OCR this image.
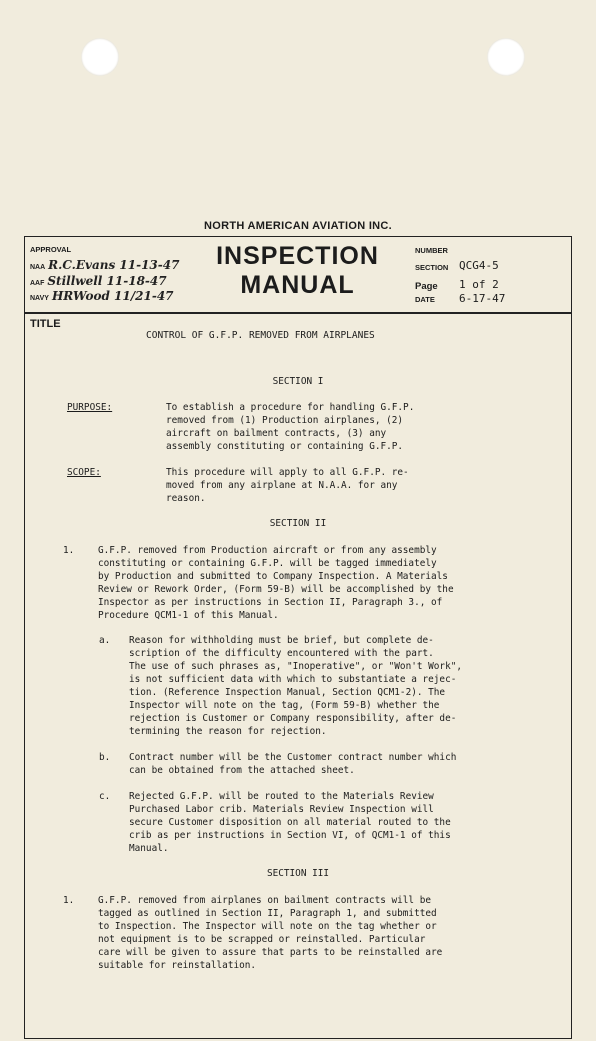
NORTH AMERICAN AVIATION INC.
APPROVAL
NAA R.C.Evans 11-13-47
AAF Stillwell 11-18-47
NAVY HRWood 11/21-47
INSPECTION
MANUAL
NUMBER
SECTION QCG4-5
Page 1 of 2
DATE 6-17-47
TITLE
CONTROL OF G.F.P. REMOVED FROM AIRPLANES
SECTION I
PURPOSE:	To establish a procedure for handling G.F.P.
removed from (1) Production airplanes, (2)
aircraft on bailment contracts, (3) any
assembly constituting or containing G.F.P.
SCOPE:	This procedure will apply to all G.F.P. re-
moved from any airplane at N.A.A. for any
reason.
SECTION II
1.	G.F.P. removed from Production aircraft or from any assembly
constituting or containing G.F.P. will be tagged immediately
by Production and submitted to Company Inspection. A Materials
Review or Rework Order, (Form 59-B) will be accomplished by the
Inspector as per instructions in Section II, Paragraph 3., of
Procedure QCM1-1 of this Manual.
a. Reason for withholding must be brief, but complete de-
scription of the difficulty encountered with the part.
The use of such phrases as, "Inoperative", or "Won't Work",
is not sufficient data with which to substantiate a rejec-
tion. (Reference Inspection Manual, Section QCM1-2). The
Inspector will note on the tag, (Form 59-B) whether the
rejection is Customer or Company responsibility, after de-
termining the reason for rejection.
b. Contract number will be the Customer contract number which
can be obtained from the attached sheet.
c. Rejected G.F.P. will be routed to the Materials Review
Purchased Labor crib. Materials Review Inspection will
secure Customer disposition on all material routed to the
crib as per instructions in Section VI, of QCM1-1 of this
Manual.
SECTION III
1.	G.F.P. removed from airplanes on bailment contracts will be
tagged as outlined in Section II, Paragraph 1, and submitted
to Inspection. The Inspector will note on the tag whether or
not equipment is to be scrapped or reinstalled. Particular
care will be given to assure that parts to be reinstalled are
suitable for reinstallation.
